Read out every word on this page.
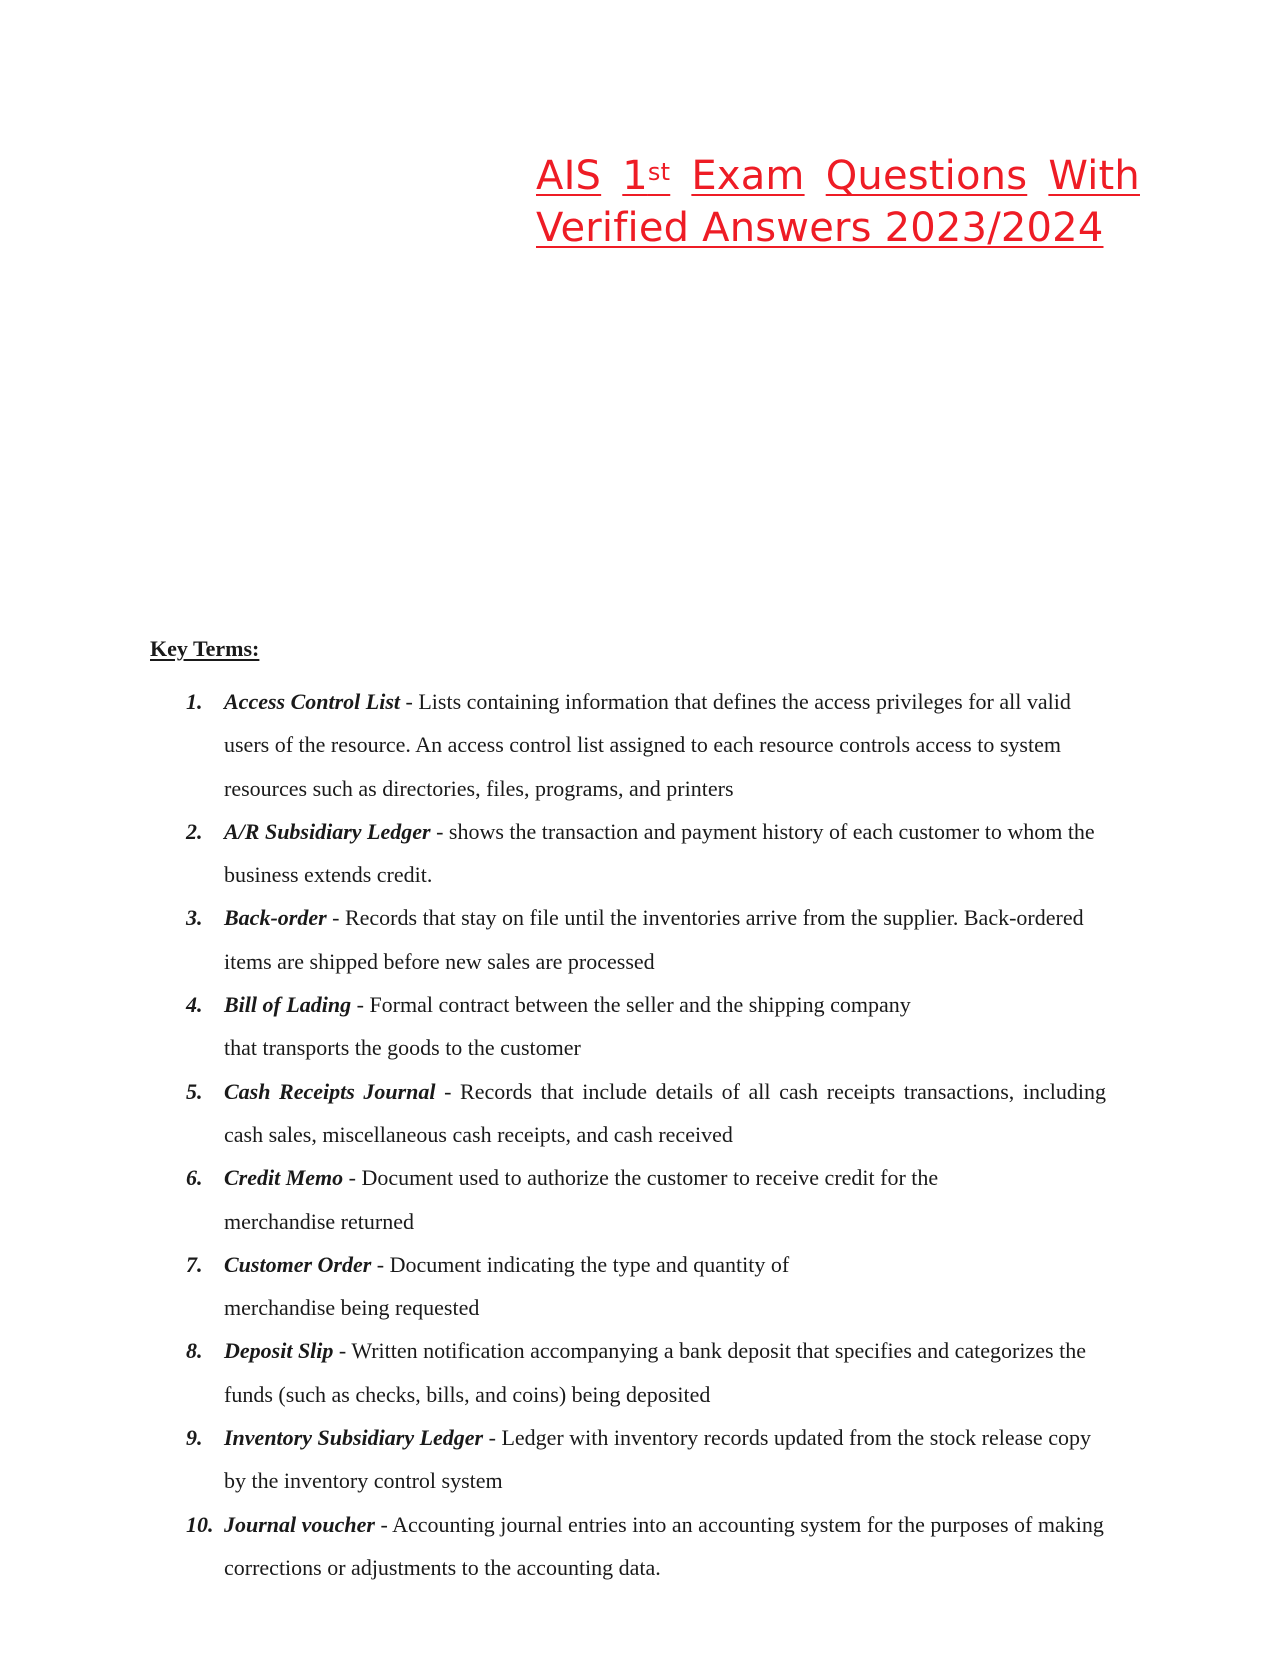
AIS 1st Exam Questions With
Verified Answers 2023/2024
Key Terms:
1. Access Control List - Lists containing information that defines the access privileges for all valid users of the resource. An access control list assigned to each resource controls access to system resources such as directories, files, programs, and printers
2. A/R Subsidiary Ledger - shows the transaction and payment history of each customer to whom the business extends credit.
3. Back-order - Records that stay on file until the inventories arrive from the supplier. Back-ordered items are shipped before new sales are processed
4. Bill of Lading - Formal contract between the seller and the shipping company
that transports the goods to the customer
5. Cash Receipts Journal - Records that include details of all cash receipts transactions, including cash sales, miscellaneous cash receipts, and cash received
6. Credit Memo - Document used to authorize the customer to receive credit for the
merchandise returned
7. Customer Order - Document indicating the type and quantity of
merchandise being requested
8. Deposit Slip - Written notification accompanying a bank deposit that specifies and categorizes the funds (such as checks, bills, and coins) being deposited
9. Inventory Subsidiary Ledger - Ledger with inventory records updated from the stock release copy by the inventory control system
10. Journal voucher - Accounting journal entries into an accounting system for the purposes of making corrections or adjustments to the accounting data.
